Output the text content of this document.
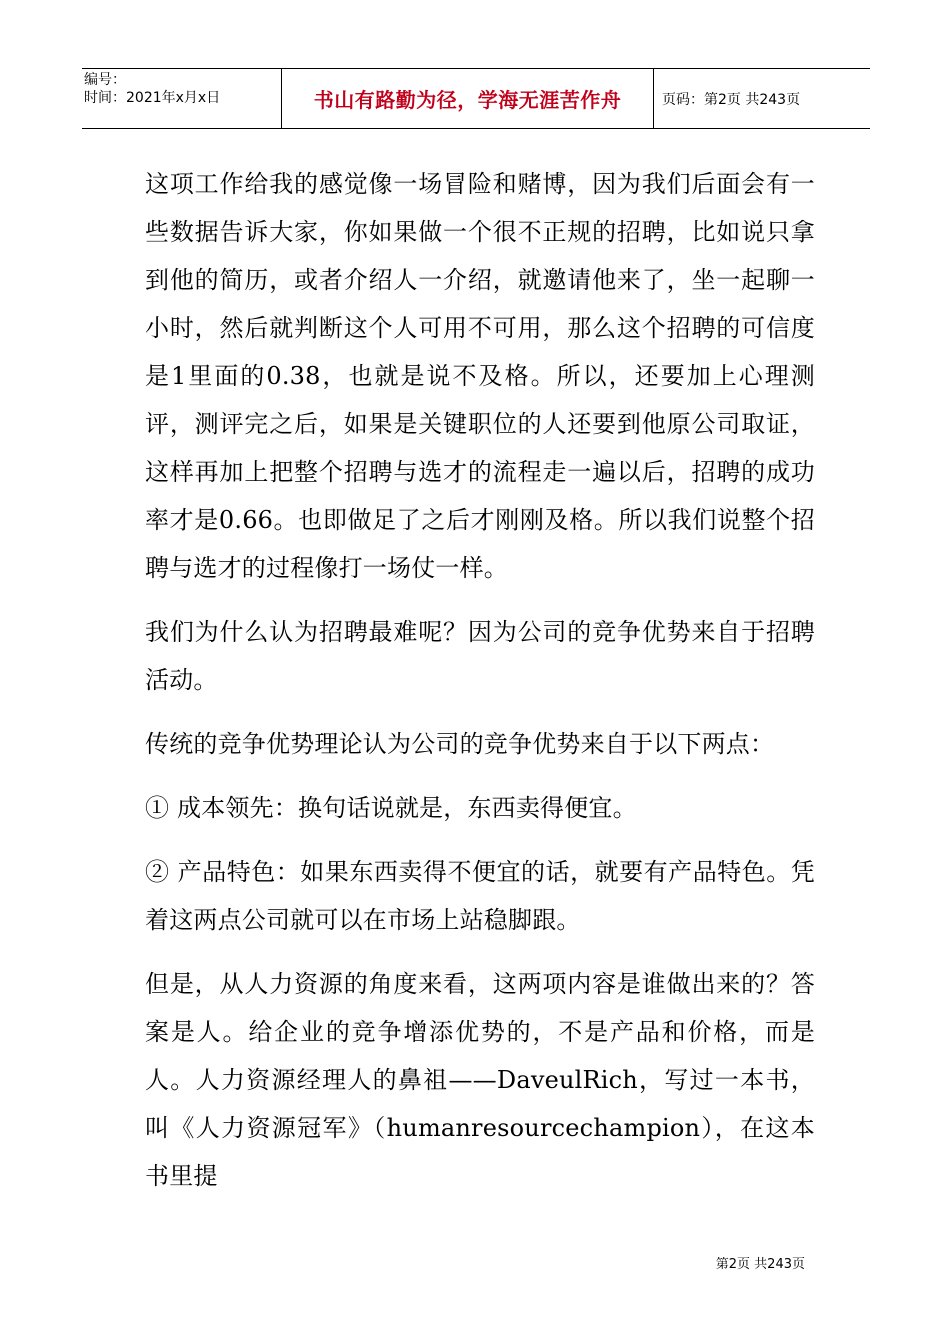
编号：
时间：2021年x月x日	书山有路勤为径，学海无涯苦作舟	页码：第2页 共243页

这项工作给我的感觉像一场冒险和赌博，因为我们后面会有一些数据告诉大家，你如果做一个很不正规的招聘，比如说只拿到他的简历，或者介绍人一介绍，就邀请他来了，坐一起聊一小时，然后就判断这个人可用不可用，那么这个招聘的可信度是1里面的0.38，也就是说不及格。所以，还要加上心理测评，测评完之后，如果是关键职位的人还要到他原公司取证，这样再加上把整个招聘与选才的流程走一遍以后，招聘的成功率才是0.66。也即做足了之后才刚刚及格。所以我们说整个招聘与选才的过程像打一场仗一样。

我们为什么认为招聘最难呢？因为公司的竞争优势来自于招聘活动。

传统的竞争优势理论认为公司的竞争优势来自于以下两点：

① 成本领先：换句话说就是，东西卖得便宜。

② 产品特色：如果东西卖得不便宜的话，就要有产品特色。凭着这两点公司就可以在市场上站稳脚跟。

但是，从人力资源的角度来看，这两项内容是谁做出来的？答案是人。给企业的竞争增添优势的，不是产品和价格，而是人。人力资源经理人的鼻祖——DaveulRich，写过一本书，叫《人力资源冠军》（humanresourcechampion），在这本书里提

第2页 共243页
